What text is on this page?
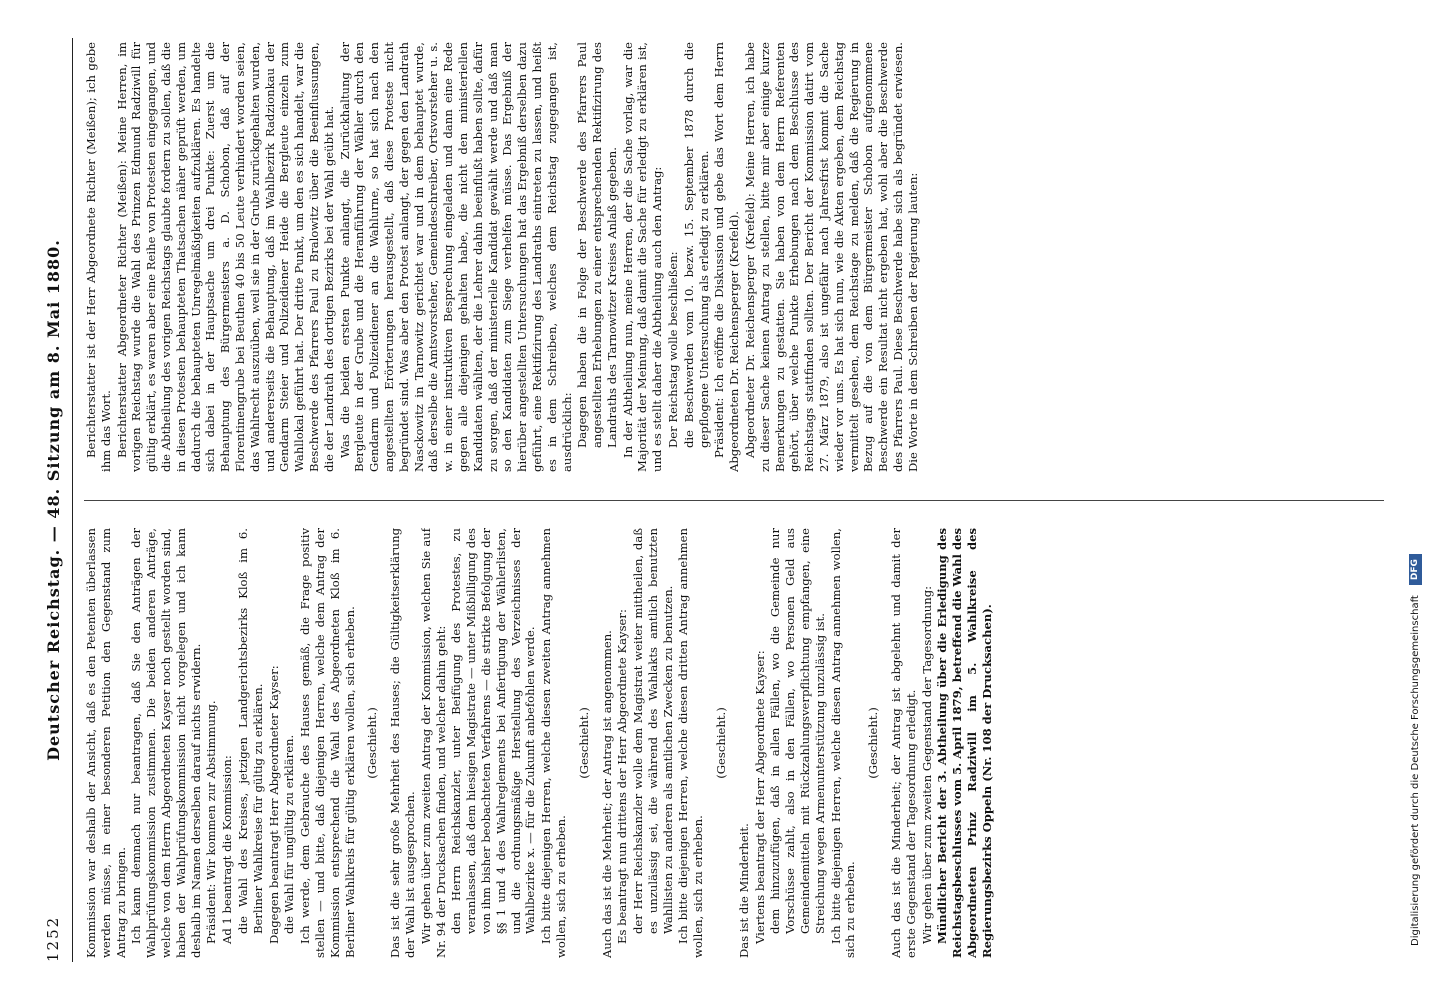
1252
Deutscher Reichstag. — 48. Sitzung am 8. Mai 1880. Kommission war deshalb der Ansicht, daß es den Petenten überlassen werden müsse, in einer besonderen Petition den Gegenstand zum Antrag zu bringen. Ich kann demnach nur beantragen, daß Sie den Anträgen der Wahlprüfungskommission zustimmen. Die beiden anderen Anträge, welche von dem Herrn Abgeordneten Kayser noch gestellt worden sind, haben der Wahlprüfungskommission nicht vorgelegen und ich kann deshalb im Namen derselben darauf nichts erwidern. Präsident: Wir kommen zur Abstimmung. Ad 1 beantragt die Kommission: die Wahl des Kreises, jetzigen Landgerichtsbezirks Kloß im 6. Berliner Wahlkreise für gültig zu erklären. Dagegen beantragt Herr Abgeordneter Kayser: die Wahl für ungültig zu erklären. Ich werde, dem Gebrauche des Hauses gemäß, die Frage positiv stellen — und bitte, daß diejenigen Herren, welche dem Antrag der Kommission entsprechend die Wahl des Abgeordneten Kloß im 6. Berliner Wahlkreis für gültig erklären wollen, sich erheben. (Geschieht.) Das ist die sehr große Mehrheit des Hauses; die Gültigkeitserklärung der Wahl ist ausgesprochen. Wir gehen über zum zweiten Antrag der Kommission, welchen Sie auf Nr. 94 der Drucksachen finden, und welcher dahin geht: den Herrn Reichskanzler, unter Beifügung des Protestes, zu veranlassen, daß dem hiesigen Magistrate — unter Mißbilligung des von ihm bisher beobachteten Verfahrens — die strikte Befolgung der §§ 1 und 4 des Wahlreglements bei Anfertigung der Wählerlisten, und die ordnungsmäßige Herstellung des Verzeichnisses der Wahlbezirke x. — für die Zukunft anbefohlen werde. Ich bitte diejenigen Herren, welche diesen zweiten Antrag annehmen wollen, sich zu erheben.

(Geschieht.) Auch das ist die Mehrheit; der Antrag ist angenommen. Es beantragt nun drittens der Herr Abgeordnete Kayser: der Herr Reichskanzler wolle dem Magistrat weiter mittheilen, daß es unzulässig sei, die während des Wahlakts amtlich benutzten Wahllisten zu anderen als amtlichen Zwecken zu benutzen. Ich bitte diejenigen Herren, welche diesen dritten Antrag annehmen wollen, sich zu erheben.

(Geschieht.)

Das ist die Minderheit. Viertens beantragt der Herr Abgeordnete Kayser: dem hinzuzufügen, daß in allen Fällen, wo die Gemeinde nur Vorschüsse zahlt, also in den Fällen, wo Personen Geld aus Gemeindemitteln mit Rückzahlungsverpflichtung empfangen, eine Streichung wegen Armenunterstützung unzulässig ist. Ich bitte diejenigen Herren, welche diesen Antrag annehmen wollen, sich zu erheben.

(Geschieht.) Auch das ist die Minderheit; der Antrag ist abgelehnt und damit der erste Gegenstand der Tagesordnung erledigt. Wir gehen über zum zweiten Gegenstand der Tagesordnung: Mündlicher Bericht der 3. Abtheilung über die Erledigung des Reichstagsbeschlusses vom 5. April 1879, betreffend die Wahl des Abgeordneten Prinz Radziwill im 5. Wahlkreise des Regierungsbezirks Oppeln (Nr. 108 der Drucksachen).

Berichterstatter ist der Herr Abgeordnete Richter (Meißen); ich gebe ihm das Wort. Berichterstatter Abgeordneter Richter (Meißen): Meine Herren, im vorigen Reichstag wurde die Wahl des Prinzen Edmund Radziwill für gültig erklärt, es waren aber eine Reihe von Protesten eingegangen, und die Abtheilung des vorigen Reichstags glaubte fordern zu sollen, daß die in diesen Protesten behaupteten Thatsachen näher geprüft werden, um dadurch die behaupteten Unregelmäßigkeiten aufzuklären. Es handelte sich dabei in der Hauptsache um drei Punkte: Zuerst um die Behauptung des Bürgermeisters a. D. Schobon, daß auf der Florentinengrube bei Beuthen 40 bis 50 Leute verhindert worden seien, das Wahlrecht auszuüben, weil sie in der Grube zurückgehalten wurden, und andererseits die Behauptung, daß im Wahlbezirk Radzionkau der Gendarm Steier und Polizeidiener Heide die Bergleute einzeln zum Wahllokal geführt hat. Der dritte Punkt, um den es sich handelt, war die Beschwerde des Pfarrers Paul zu Bralowitz über die Beeinflussungen, die der Landrath des dortigen Bezirks bei der Wahl geübt hat. Was die beiden ersten Punkte anlangt, die Zurückhaltung der Bergleute in der Grube und die Heranführung der Wähler durch den Gendarm und Polizeidiener an die Wahlurne, so hat sich nach den angestellten Erörterungen herausgestellt, daß diese Proteste nicht begründet sind. Was aber den Protest anlangt, der gegen den Landrath Nasckowitz in Tarnowitz gerichtet war und in dem behauptet wurde, daß derselbe die Amtsvorsteher, Gemeindeschreiber, Ortsvorsteher u. s. w. in einer instruktiven Besprechung eingeladen und dann eine Rede gegen alle diejenigen gehalten habe, die nicht den ministeriellen Kandidaten wählten, der die Lehrer dahin beeinflußt haben sollte, dafür zu sorgen, daß der ministerielle Kandidat gewählt werde und daß man so den Kandidaten zum Siege verhelfen müsse. Das Ergebniß der hierüber angestellten Untersuchungen hat das Ergebniß derselben dazu geführt, eine Rektifizirung des Landraths eintreten zu lassen, und heißt es in dem Schreiben, welches dem Reichstag zugegangen ist, ausdrücklich: Dagegen haben die in Folge der Beschwerde des Pfarrers Paul angestellten Erhebungen zu einer entsprechenden Rektifizirung des Landraths des Tarnowitzer Kreises Anlaß gegeben. In der Abtheilung nun, meine Herren, der die Sache vorlag, war die Majorität der Meinung, daß damit die Sache für erledigt zu erklären ist, und es stellt daher die Abtheilung auch den Antrag: Der Reichstag wolle beschließen: die Beschwerden vom 10. bezw. 15. September 1878 durch die gepflogene Untersuchung als erledigt zu erklären. Präsident: Ich eröffne die Diskussion und gebe das Wort dem Herrn Abgeordneten Dr. Reichensperger (Krefeld). Abgeordneter Dr. Reichensperger (Krefeld): Meine Herren, ich habe zu dieser Sache keinen Antrag zu stellen, bitte mir aber einige kurze Bemerkungen zu gestatten. Sie haben von dem Herrn Referenten gehört, über welche Punkte Erhebungen nach dem Beschlusse des Reichstags stattfinden sollten. Der Bericht der Kommission datirt vom 27. März 1879, also ist ungefähr nach Jahresfrist kommt die Sache wieder vor uns. Es hat sich nun, wie die Akten ergeben, dem Reichstag vermittelt gesehen, dem Reichstage zu melden, daß die Regierung in Bezug auf die von dem Bürgermeister Schobon aufgenommene Beschwerde ein Resultat nicht ergeben hat, wohl aber die Beschwerde des Pfarrers Paul. Diese Beschwerde habe sich als begründet erwiesen. Die Worte in dem Schreiben der Regierung lauten:

Digitalisierung gefördert durch die Deutsche Forschungsgemeinschaft
DFG
